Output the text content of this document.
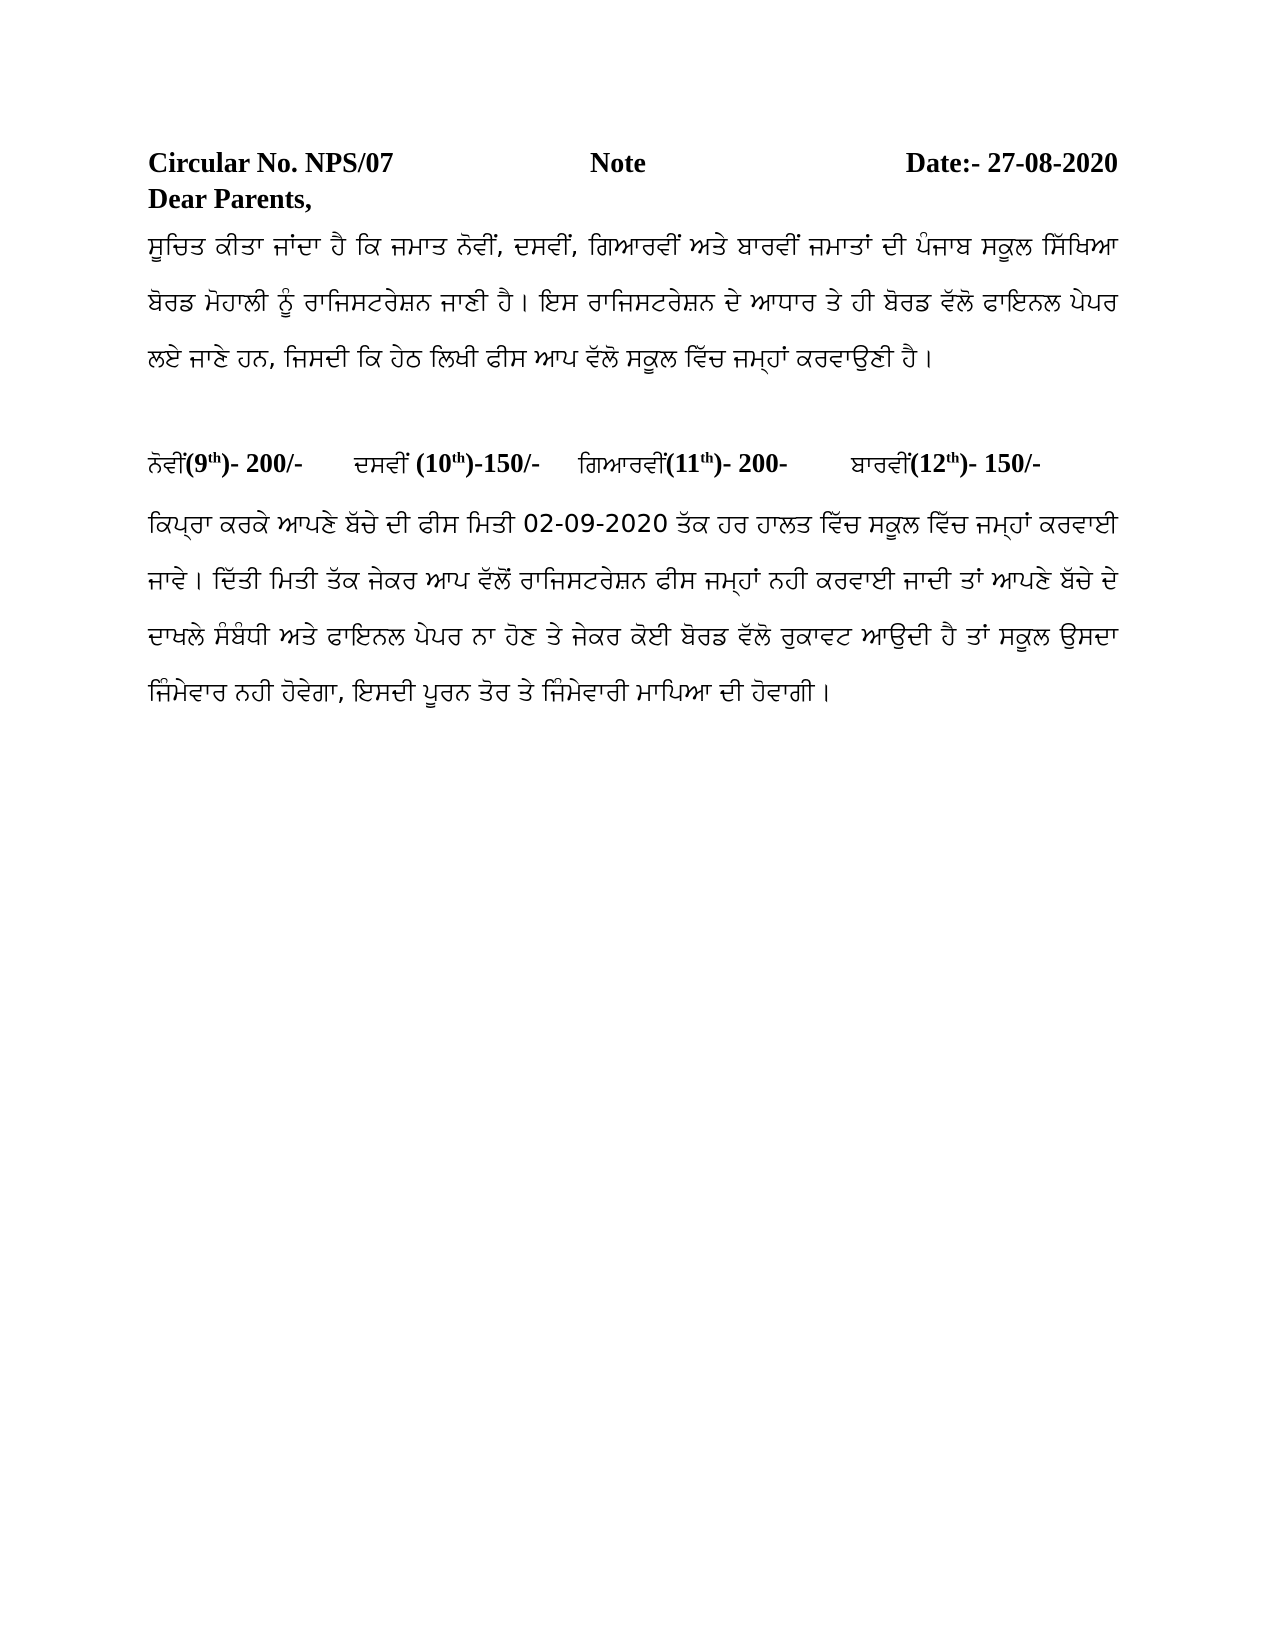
Circular No. NPS/07	Note	Date:- 27-08-2020
Dear Parents,
ਸੂਚਿਤ ਕੀਤਾ ਜਾਂਦਾ ਹੈ ਕਿ ਜਮਾਤ ਨੋਵੀਂ, ਦਸਵੀਂ, ਗਿਆਰਵੀਂ ਅਤੇ ਬਾਰਵੀਂ ਜਮਾਤਾਂ ਦੀ ਪੰਜਾਬ ਸਕੂਲ ਸਿੱਖਿਆ ਬੋਰਡ ਮੋਹਾਲੀ ਨੂੰ ਰਾਜਿਸਟਰੇਸ਼ਨ ਜਾਣੀ ਹੈ। ਇਸ ਰਾਜਿਸਟਰੇਸ਼ਨ ਦੇ ਆਧਾਰ ਤੇ ਹੀ ਬੋਰਡ ਵੱਲੋ ਫਾਇਨਲ ਪੇਪਰ ਲਏ ਜਾਣੇ ਹਨ, ਜਿਸਦੀ ਕਿ ਹੇਠ ਲਿਖੀ ਫੀਸ ਆਪ ਵੱਲੋ ਸਕੂਲ ਵਿੱਚ ਜਮ੍ਹਾਂ ਕਰਵਾਉਣੀ ਹੈ।
ਨੋਵੀਂ(9th)- 200/- ਦਸਵੀਂ (10th)-150/- ਗਿਆਰਵੀਂ(11th)- 200-	ਬਾਰਵੀਂ(12th)- 150/-
ਕਿਪ੍ਰਾ ਕਰਕੇ ਆਪਣੇ ਬੱਚੇ ਦੀ ਫੀਸ ਮਿਤੀ 02-09-2020 ਤੱਕ ਹਰ ਹਾਲਤ ਵਿੱਚ ਸਕੂਲ ਵਿੱਚ ਜਮ੍ਹਾਂ ਕਰਵਾਈ ਜਾਵੇ। ਦਿੱਤੀ ਮਿਤੀ ਤੱਕ ਜੇਕਰ ਆਪ ਵੱਲੋਂ ਰਾਜਿਸਟਰੇਸ਼ਨ ਫੀਸ ਜਮ੍ਹਾਂ ਨਹੀ ਕਰਵਾਈ ਜਾਦੀ ਤਾਂ ਆਪਣੇ ਬੱਚੇ ਦੇ ਦਾਖਲੇ ਸੰਬੰਧੀ ਅਤੇ ਫਾਇਨਲ ਪੇਪਰ ਨਾ ਹੋਣ ਤੇ ਜੇਕਰ ਕੋਈ ਬੋਰਡ ਵੱਲੋ ਰੁਕਾਵਟ ਆਉਦੀ ਹੈ ਤਾਂ ਸਕੂਲ ਉਸਦਾ ਜਿੰਮੇਵਾਰ ਨਹੀ ਹੋਵੇਗਾ, ਇਸਦੀ ਪੂਰਨ ਤੋਰ ਤੇ ਜਿੰਮੇਵਾਰੀ ਮਾਪਿਆ ਦੀ ਹੋਵਾਗੀ।
